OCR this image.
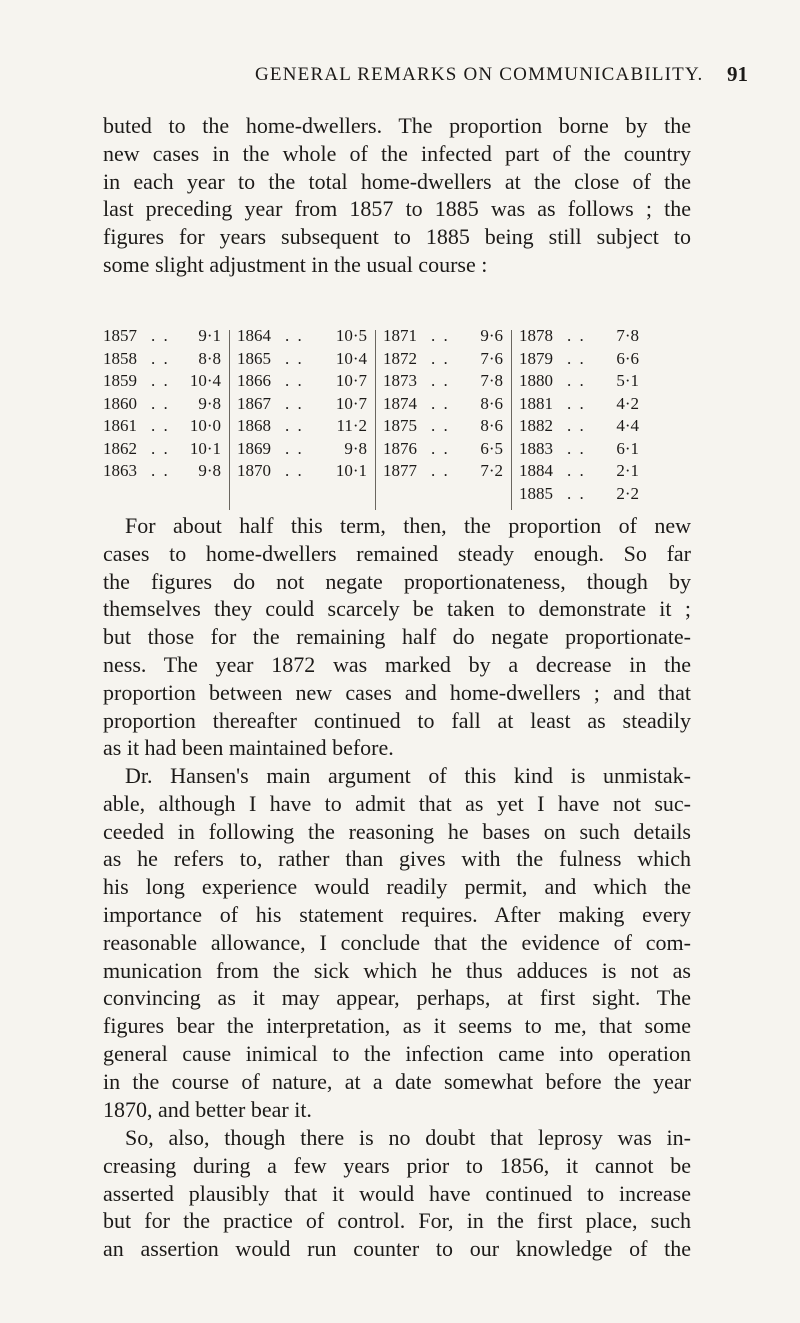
GENERAL REMARKS ON COMMUNICABILITY. 91
buted to the home-dwellers. The proportion borne by the
new cases in the whole of the infected part of the country
in each year to the total home-dwellers at the close of the
last preceding year from 1857 to 1885 was as follows ; the
figures for years subsequent to 1885 being still subject to
some slight adjustment in the usual course :
1857 . . 9·1
1858 . . 8·8
1859 . . 10·4
1860 . . 9·8
1861 . . 10·0
1862 . . 10·1
1863 . . 9·8
1864 . . 10·5
1865 . . 10·4
1866 . . 10·7
1867 . . 10·7
1868 . . 11·2
1869 . . 9·8
1870 . . 10·1
1871 . . 9·6
1872 . . 7·6
1873 . . 7·8
1874 . . 8·6
1875 . . 8·6
1876 . . 6·5
1877 . . 7·2
1878 . . 7·8
1879 . . 6·6
1880 . . 5·1
1881 . . 4·2
1882 . . 4·4
1883 . . 6·1
1884 . . 2·1
1885 . . 2·2
For about half this term, then, the proportion of new
cases to home-dwellers remained steady enough. So far
the figures do not negate proportionateness, though by
themselves they could scarcely be taken to demonstrate it ;
but those for the remaining half do negate proportionate-
ness. The year 1872 was marked by a decrease in the
proportion between new cases and home-dwellers ; and that
proportion thereafter continued to fall at least as steadily
as it had been maintained before.
Dr. Hansen's main argument of this kind is unmistak-
able, although I have to admit that as yet I have not suc-
ceeded in following the reasoning he bases on such details
as he refers to, rather than gives with the fulness which
his long experience would readily permit, and which the
importance of his statement requires. After making every
reasonable allowance, I conclude that the evidence of com-
munication from the sick which he thus adduces is not as
convincing as it may appear, perhaps, at first sight. The
figures bear the interpretation, as it seems to me, that some
general cause inimical to the infection came into operation
in the course of nature, at a date somewhat before the year
1870, and better bear it.
So, also, though there is no doubt that leprosy was in-
creasing during a few years prior to 1856, it cannot be
asserted plausibly that it would have continued to increase
but for the practice of control. For, in the first place, such
an assertion would run counter to our knowledge of the
